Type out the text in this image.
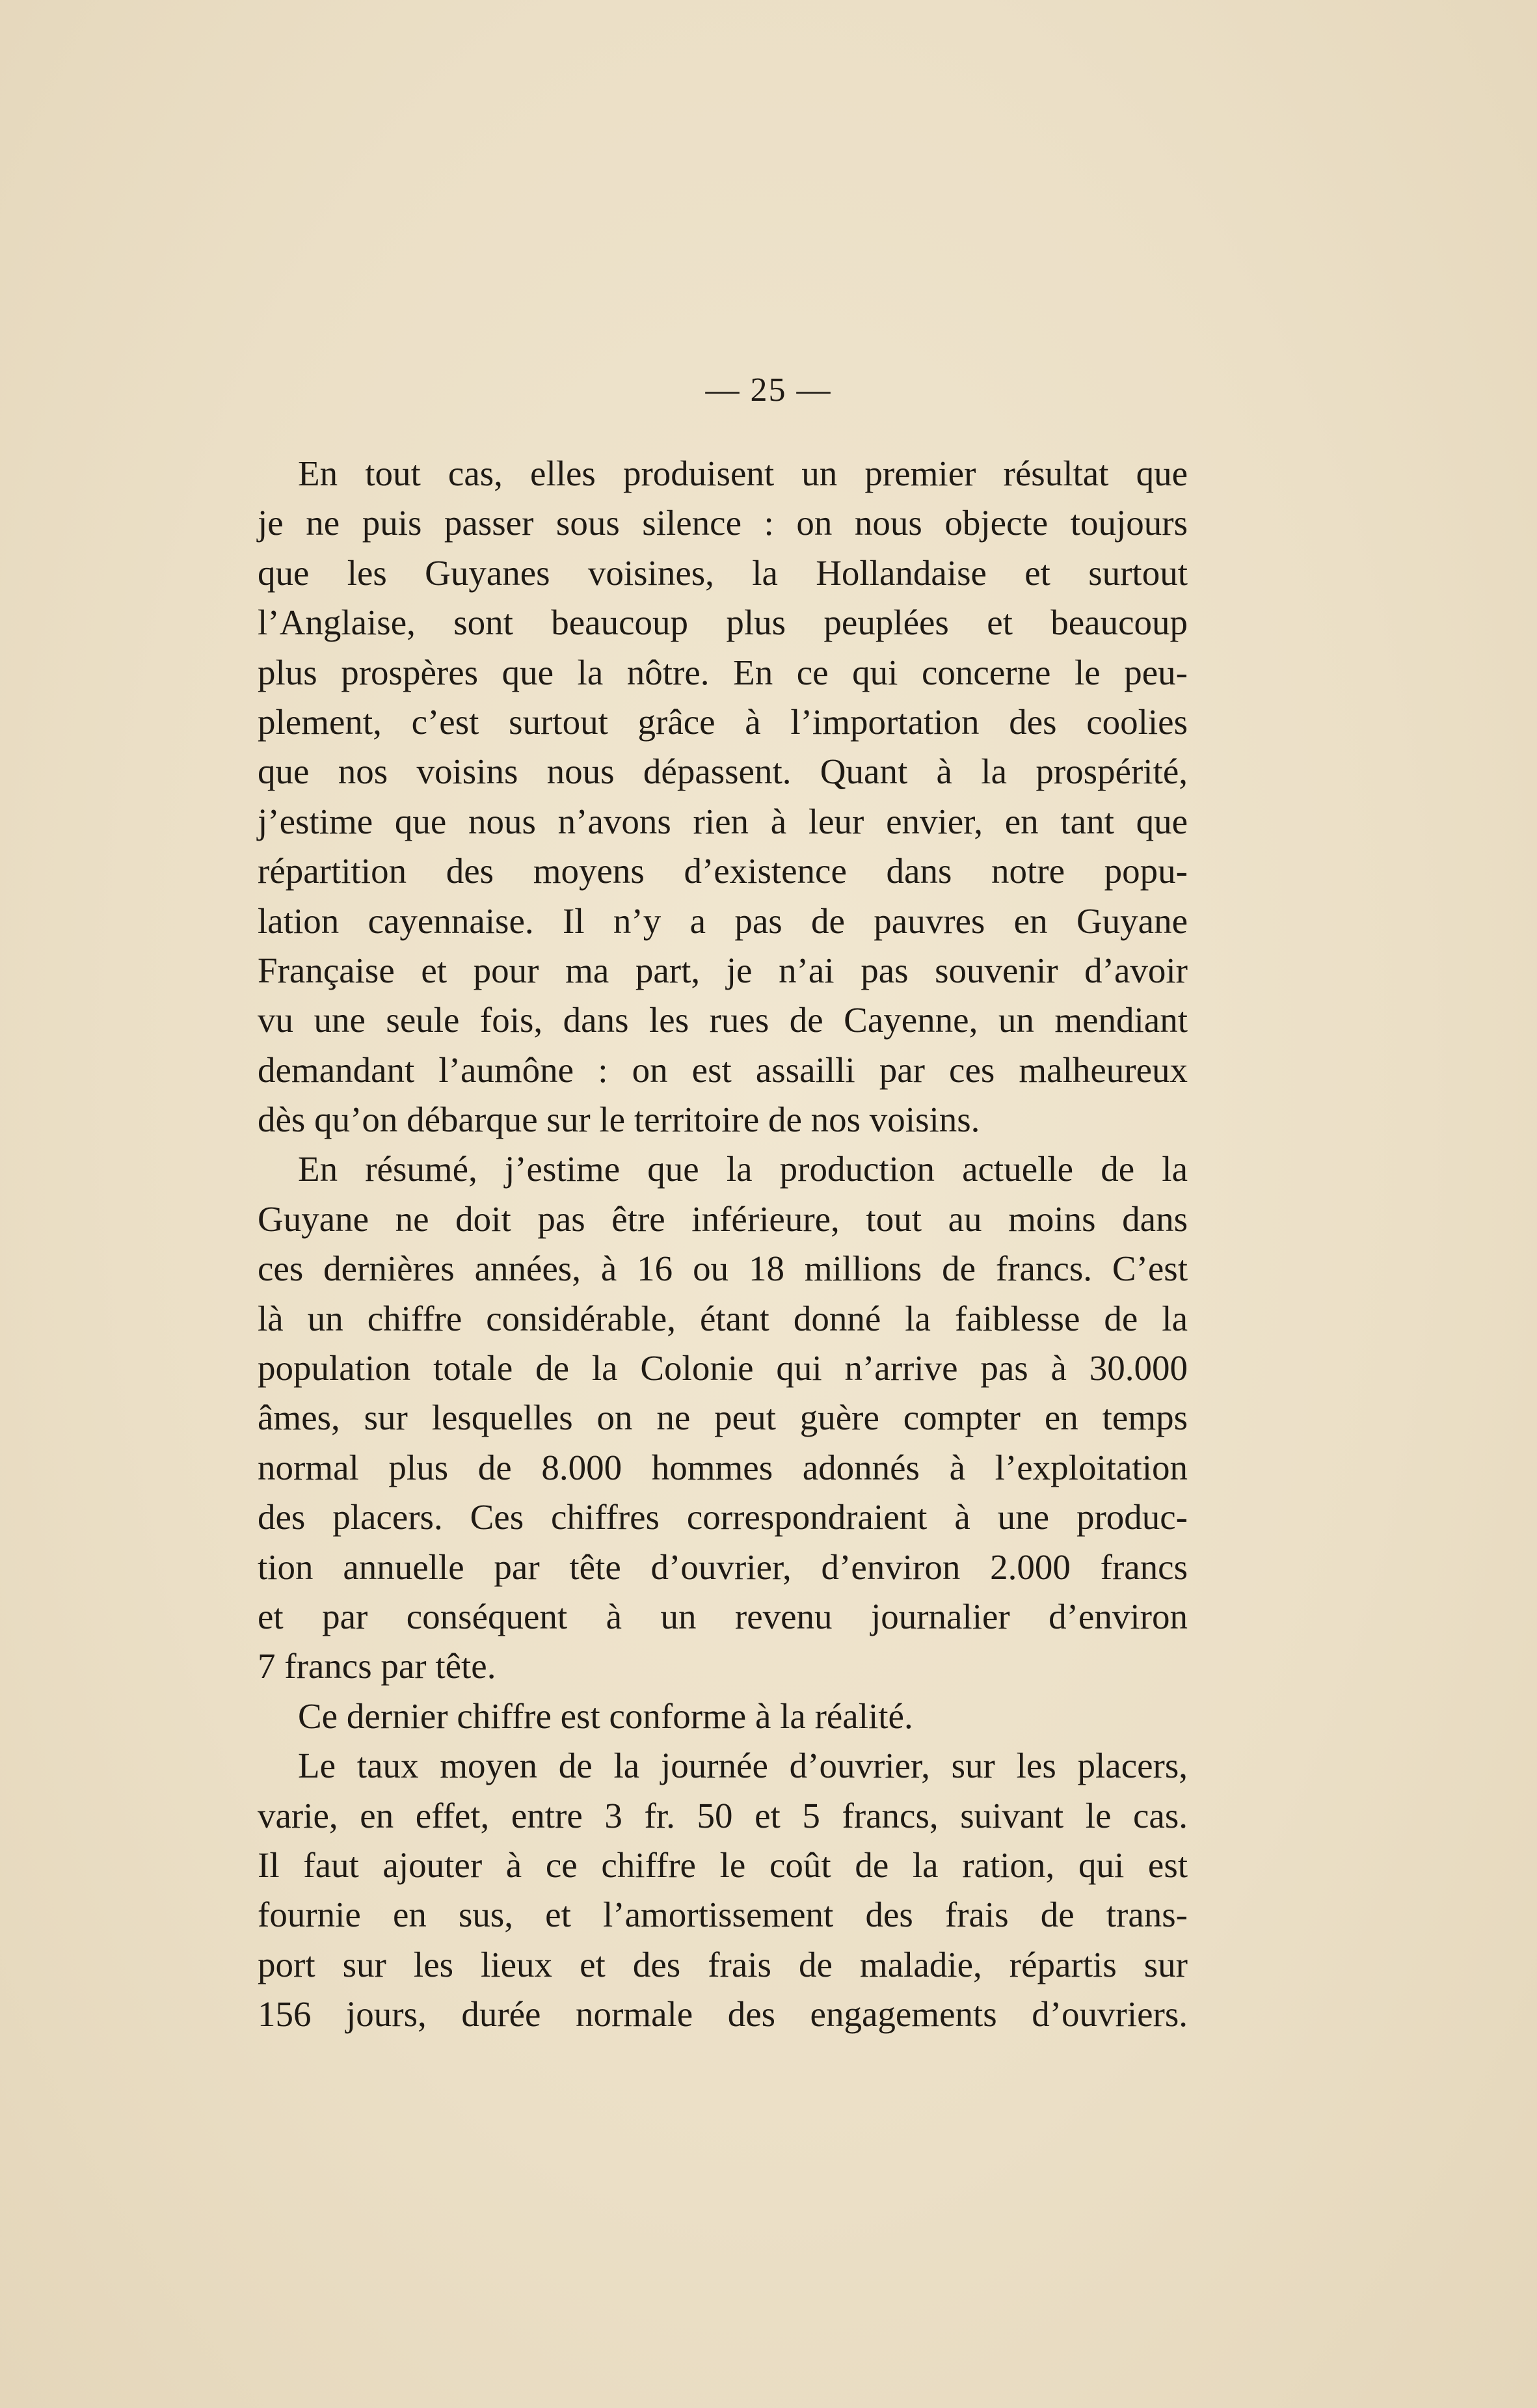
— 25 —
En tout cas, elles produisent un premier résultat que
je ne puis passer sous silence : on nous objecte toujours
que les Guyanes voisines, la Hollandaise et surtout
l’Anglaise, sont beaucoup plus peuplées et beaucoup
plus prospères que la nôtre. En ce qui concerne le peu-
plement, c’est surtout grâce à l’importation des coolies
que nos voisins nous dépassent. Quant à la prospérité,
j’estime que nous n’avons rien à leur envier, en tant que
répartition des moyens d’existence dans notre popu-
lation cayennaise. Il n’y a pas de pauvres en Guyane
Française et pour ma part, je n’ai pas souvenir d’avoir
vu une seule fois, dans les rues de Cayenne, un mendiant
demandant l’aumône : on est assailli par ces malheureux
dès qu’on débarque sur le territoire de nos voisins.
En résumé, j’estime que la production actuelle de la
Guyane ne doit pas être inférieure, tout au moins dans
ces dernières années, à 16 ou 18 millions de francs. C’est
là un chiffre considérable, étant donné la faiblesse de la
population totale de la Colonie qui n’arrive pas à 30.000
âmes, sur lesquelles on ne peut guère compter en temps
normal plus de 8.000 hommes adonnés à l’exploitation
des placers. Ces chiffres correspondraient à une produc-
tion annuelle par tête d’ouvrier, d’environ 2.000 francs
et par conséquent à un revenu journalier d’environ
7 francs par tête.
Ce dernier chiffre est conforme à la réalité.
Le taux moyen de la journée d’ouvrier, sur les placers,
varie, en effet, entre 3 fr. 50 et 5 francs, suivant le cas.
Il faut ajouter à ce chiffre le coût de la ration, qui est
fournie en sus, et l’amortissement des frais de trans-
port sur les lieux et des frais de maladie, répartis sur
156 jours, durée normale des engagements d’ouvriers.
